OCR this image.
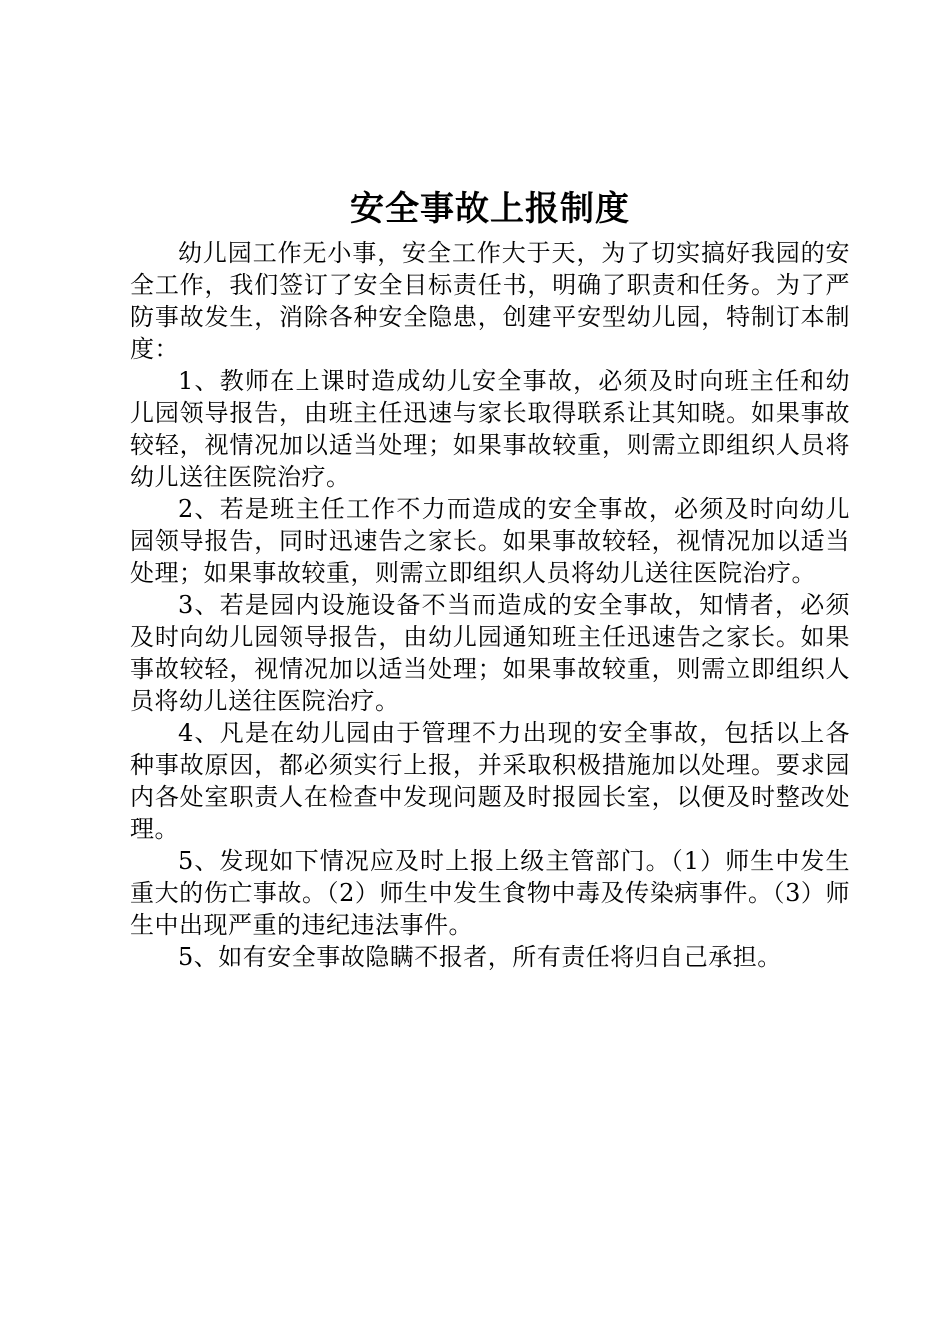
安全事故上报制度

幼儿园工作无小事，安全工作大于天，为了切实搞好我园的安全工作，我们签订了安全目标责任书，明确了职责和任务。为了严防事故发生，消除各种安全隐患，创建平安型幼儿园，特制订本制度：

1、教师在上课时造成幼儿安全事故，必须及时向班主任和幼儿园领导报告，由班主任迅速与家长取得联系让其知晓。如果事故较轻，视情况加以适当处理；如果事故较重，则需立即组织人员将幼儿送往医院治疗。

2、若是班主任工作不力而造成的安全事故，必须及时向幼儿园领导报告，同时迅速告之家长。如果事故较轻，视情况加以适当处理；如果事故较重，则需立即组织人员将幼儿送往医院治疗。

3、若是园内设施设备不当而造成的安全事故，知情者，必须及时向幼儿园领导报告，由幼儿园通知班主任迅速告之家长。如果事故较轻，视情况加以适当处理；如果事故较重，则需立即组织人员将幼儿送往医院治疗。

4、凡是在幼儿园由于管理不力出现的安全事故，包括以上各种事故原因，都必须实行上报，并采取积极措施加以处理。要求园内各处室职责人在检查中发现问题及时报园长室，以便及时整改处理。

5、发现如下情况应及时上报上级主管部门。（1）师生中发生重大的伤亡事故。（2）师生中发生食物中毒及传染病事件。（3）师生中出现严重的违纪违法事件。

5、如有安全事故隐瞒不报者，所有责任将归自己承担。
